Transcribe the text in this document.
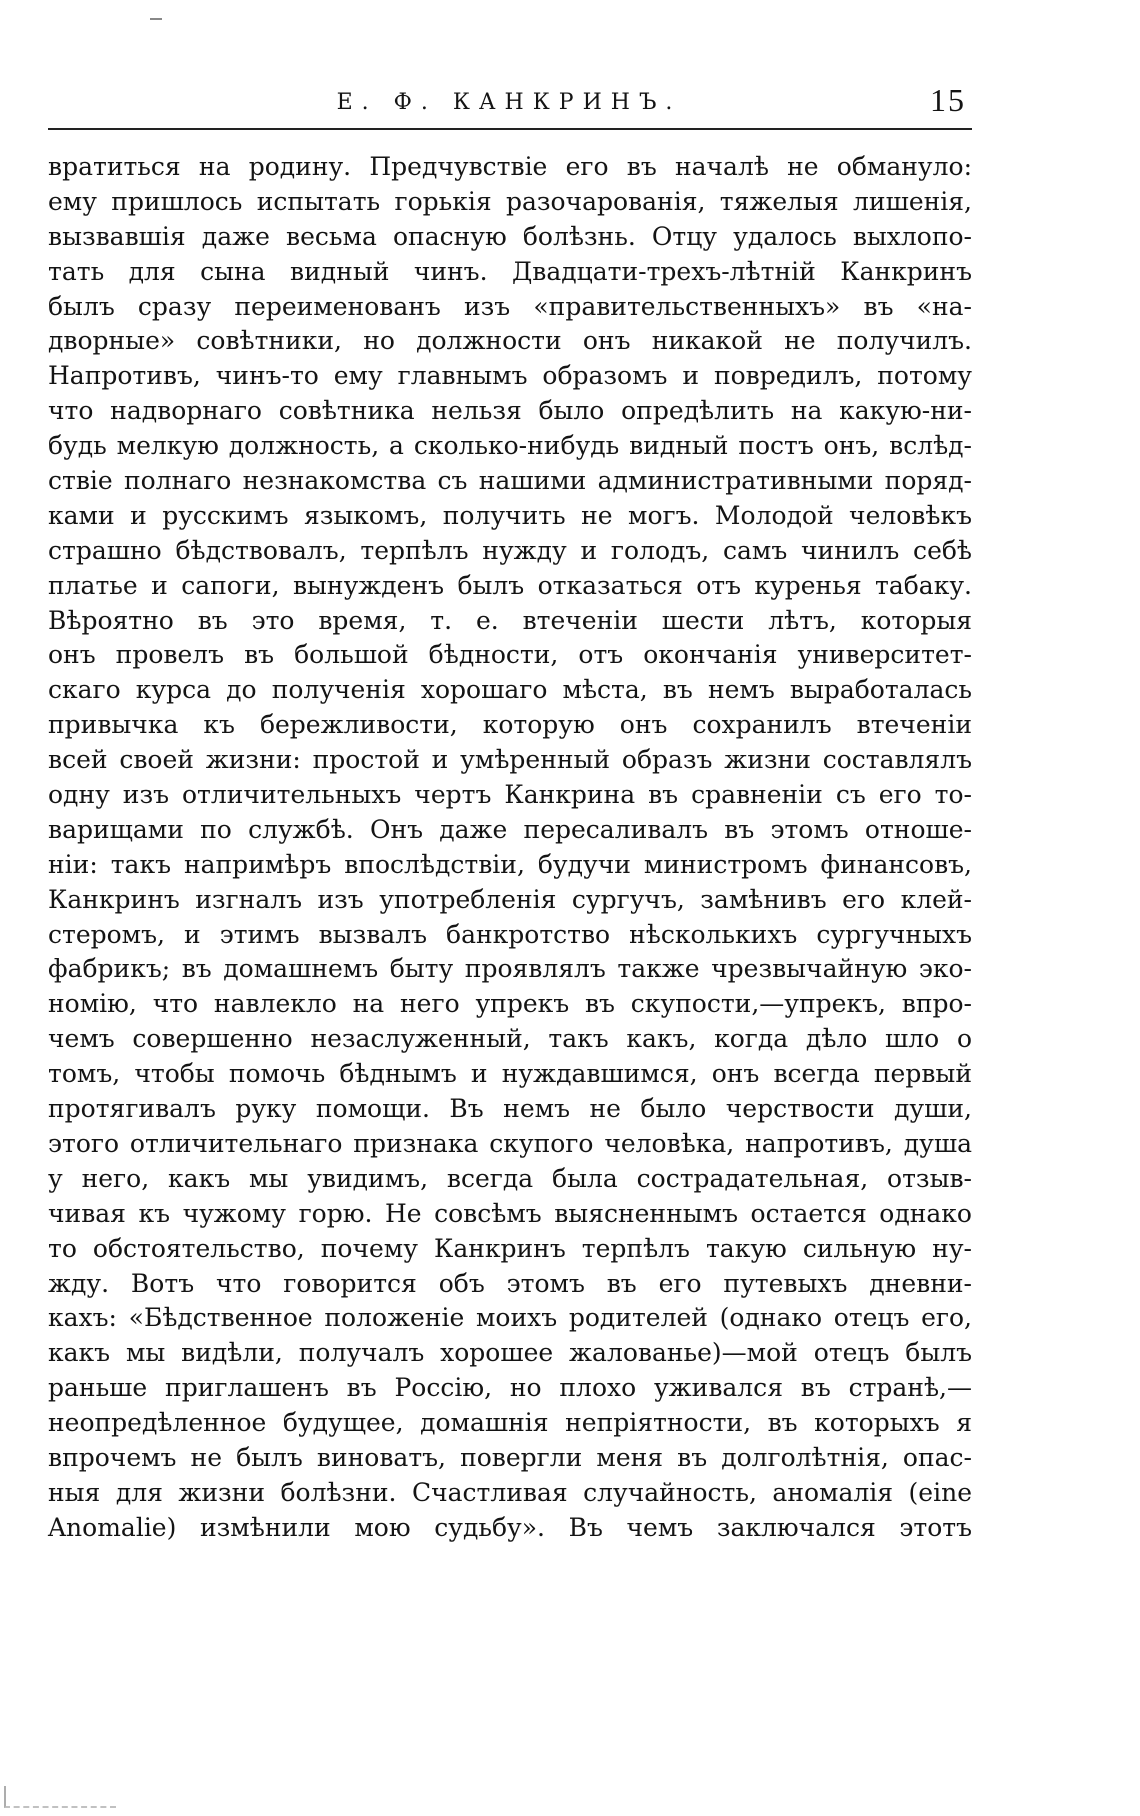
Е. Ф. КАНКРИНЪ.	15
вратиться на родину. Предчувствіе его въ началѣ не обмануло:
ему пришлось испытать горькія разочарованія, тяжелыя лишенія,
вызвавшія даже весьма опасную болѣзнь. Отцу удалось выхлопо-
тать для сына видный чинъ. Двадцати-трехъ-лѣтній Канкринъ
былъ сразу переименованъ изъ «правительственныхъ» въ «на-
дворные» совѣтники, но должности онъ никакой не получилъ.
Напротивъ, чинъ-то ему главнымъ образомъ и повредилъ, потому
что надворнаго совѣтника нельзя было опредѣлить на какую-ни-
будь мелкую должность, а сколько-нибудь видный постъ онъ, вслѣд-
ствіе полнаго незнакомства съ нашими административными поряд-
ками и русскимъ языкомъ, получить не могъ. Молодой человѣкъ
страшно бѣдствовалъ, терпѣлъ нужду и голодъ, самъ чинилъ себѣ
платье и сапоги, вынужденъ былъ отказаться отъ куренья табаку.
Вѣроятно въ это время, т. е. втеченіи шести лѣтъ, которыя
онъ провелъ въ большой бѣдности, отъ окончанія университет-
скаго курса до полученія хорошаго мѣста, въ немъ выработалась
привычка къ бережливости, которую онъ сохранилъ втеченіи
всей своей жизни: простой и умѣренный образъ жизни составлялъ
одну изъ отличительныхъ чертъ Канкрина въ сравненіи съ его то-
варищами по службѣ. Онъ даже пересаливалъ въ этомъ отноше-
ніи: такъ напримѣръ впослѣдствіи, будучи министромъ финансовъ,
Канкринъ изгналъ изъ употребленія сургучъ, замѣнивъ его клей-
стеромъ, и этимъ вызвалъ банкротство нѣсколькихъ сургучныхъ
фабрикъ; въ домашнемъ быту проявлялъ также чрезвычайную эко-
номію, что навлекло на него упрекъ въ скупости,—упрекъ, впро-
чемъ совершенно незаслуженный, такъ какъ, когда дѣло шло о
томъ, чтобы помочь бѣднымъ и нуждавшимся, онъ всегда первый
протягивалъ руку помощи. Въ немъ не было черствости души,
этого отличительнаго признака скупого человѣка, напротивъ, душа
у него, какъ мы увидимъ, всегда была сострадательная, отзыв-
чивая къ чужому горю. Не совсѣмъ выясненнымъ остается однако
то обстоятельство, почему Канкринъ терпѣлъ такую сильную ну-
жду. Вотъ что говорится объ этомъ въ его путевыхъ дневни-
кахъ: «Бѣдственное положеніе моихъ родителей (однако отецъ его,
какъ мы видѣли, получалъ хорошее жалованье)—мой отецъ былъ
раньше приглашенъ въ Россію, но плохо уживался въ странѣ,—
неопредѣленное будущее, домашнія непріятности, въ которыхъ я
впрочемъ не былъ виноватъ, повергли меня въ долголѣтнія, опас-
ныя для жизни болѣзни. Счастливая случайность, аномалія (eine
Anomalie) измѣнили мою судьбу». Въ чемъ заключался этотъ
